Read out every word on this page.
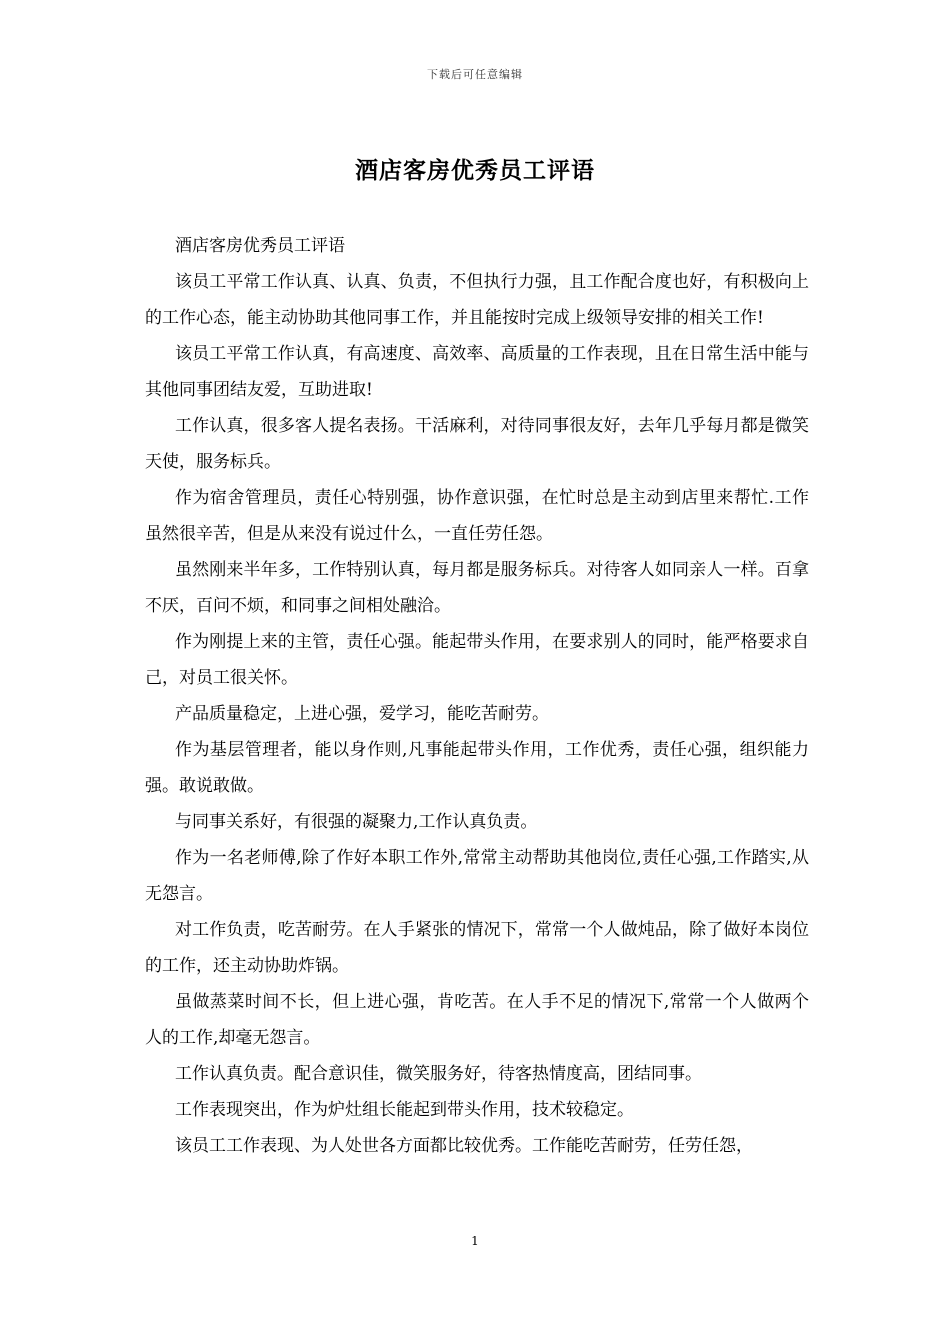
下载后可任意编辑
酒店客房优秀员工评语

酒店客房优秀员工评语

该员工平常工作认真、认真、负责，不但执行力强，且工作配合度也好，有积极向上的工作心态，能主动协助其他同事工作，并且能按时完成上级领导安排的相关工作!

该员工平常工作认真，有高速度、高效率、高质量的工作表现，且在日常生活中能与其他同事团结友爱，互助进取!

工作认真，很多客人提名表扬。干活麻利，对待同事很友好，去年几乎每月都是微笑天使，服务标兵。

作为宿舍管理员，责任心特别强，协作意识强，在忙时总是主动到店里来帮忙.工作虽然很辛苦，但是从来没有说过什么，一直任劳任怨。

虽然刚来半年多，工作特别认真，每月都是服务标兵。对待客人如同亲人一样。百拿不厌，百问不烦，和同事之间相处融洽。

作为刚提上来的主管，责任心强。能起带头作用，在要求别人的同时，能严格要求自己，对员工很关怀。

产品质量稳定，上进心强，爱学习，能吃苦耐劳。

作为基层管理者，能以身作则,凡事能起带头作用，工作优秀，责任心强，组织能力强。敢说敢做。

与同事关系好，有很强的凝聚力,工作认真负责。

作为一名老师傅,除了作好本职工作外,常常主动帮助其他岗位,责任心强,工作踏实,从无怨言。

对工作负责，吃苦耐劳。在人手紧张的情况下，常常一个人做炖品，除了做好本岗位的工作，还主动协助炸锅。

虽做蒸菜时间不长，但上进心强，肯吃苦。在人手不足的情况下,常常一个人做两个人的工作,却毫无怨言。

工作认真负责。配合意识佳，微笑服务好，待客热情度高，团结同事。

工作表现突出，作为炉灶组长能起到带头作用，技术较稳定。

该员工工作表现、为人处世各方面都比较优秀。工作能吃苦耐劳，任劳任怨，

1
